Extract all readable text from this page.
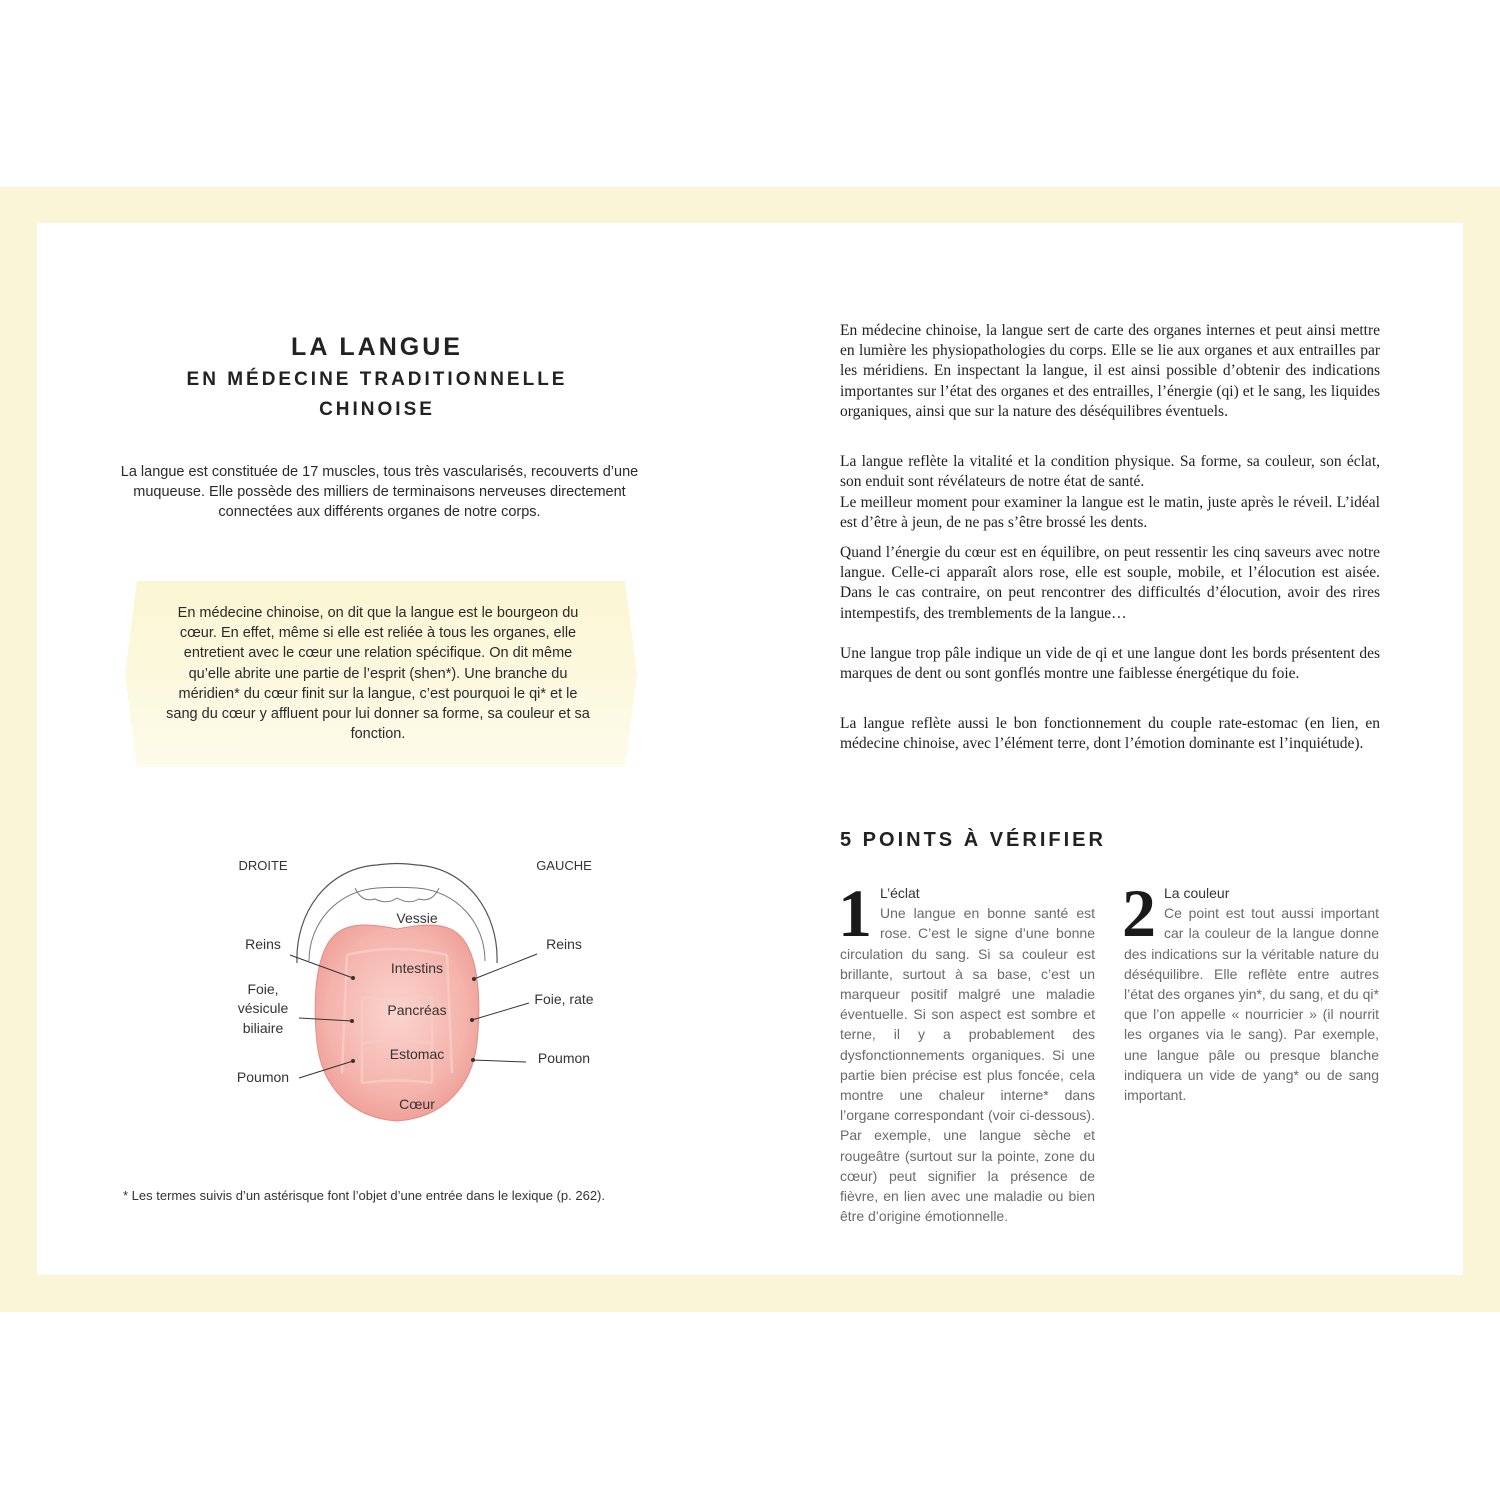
LA LANGUE
EN MÉDECINE TRADITIONNELLE
CHINOISE
La langue est constituée de 17 muscles, tous très vascularisés, recouverts d’une muqueuse. Elle possède des milliers de terminaisons nerveuses directement connectées aux différents organes de notre corps.
En médecine chinoise, on dit que la langue est le bourgeon du cœur. En effet, même si elle est reliée à tous les organes, elle entretient avec le cœur une relation spécifique. On dit même qu’elle abrite une partie de l’esprit (shen*). Une branche du méridien* du cœur finit sur la langue, c’est pourquoi le qi* et le sang du cœur y affluent pour lui donner sa forme, sa couleur et sa fonction.
Vessie
Intestins
Pancréas
Estomac
Cœur
DROITE	GAUCHE
Reins
Foie,
vésicule
biliaire
Poumon
Reins
Foie, rate
Poumon
* Les termes suivis d’un astérisque font l’objet d’une entrée dans le lexique (p. 262).

En médecine chinoise, la langue sert de carte des organes internes et peut ainsi mettre en lumière les physiopathologies du corps. Elle se lie aux organes et aux entrailles par les méridiens. En inspectant la langue, il est ainsi possible d’obtenir des indications importantes sur l’état des organes et des entrailles, l’énergie (qi) et le sang, les liquides organiques, ainsi que sur la nature des déséquilibres éventuels.

La langue reflète la vitalité et la condition physique. Sa forme, sa couleur, son éclat, son enduit sont révélateurs de notre état de santé.

Le meilleur moment pour examiner la langue est le matin, juste après le réveil. L’idéal est d’être à jeun, de ne pas s’être brossé les dents.

Quand l’énergie du cœur est en équilibre, on peut ressentir les cinq saveurs avec notre langue. Celle-ci apparaît alors rose, elle est souple, mobile, et l’élocution est aisée. Dans le cas contraire, on peut rencontrer des difficultés d’élocution, avoir des rires intempestifs, des tremblements de la langue…

Une langue trop pâle indique un vide de qi et une langue dont les bords présentent des marques de dent ou sont gonflés montre une faiblesse énergétique du foie.

La langue reflète aussi le bon fonctionnement du couple rate-estomac (en lien, en médecine chinoise, avec l’élément terre, dont l’émotion dominante est l’inquiétude).

5 POINTS À VÉRIFIER
1 L’éclat
Une langue en bonne santé est rose. C’est le signe d’une bonne circulation du sang. Si sa couleur est brillante, surtout à sa base, c’est un marqueur positif malgré une maladie éventuelle. Si son aspect est sombre et terne, il y a probablement des dysfonctionnements organiques. Si une partie bien précise est plus foncée, cela montre une chaleur interne* dans l’organe correspondant (voir ci-dessous). Par exemple, une langue sèche et rougeâtre (surtout sur la pointe, zone du cœur) peut signifier la présence de fièvre, en lien avec une maladie ou bien être d’origine émotionnelle.
2 La couleur
Ce point est tout aussi important car la couleur de la langue donne des indications sur la véritable nature du déséquilibre. Elle reflète entre autres l’état des organes yin*, du sang, et du qi* que l’on appelle « nourricier » (il nourrit les organes via le sang). Par exemple, une langue pâle ou presque blanche indiquera un vide de yang* ou de sang important.
